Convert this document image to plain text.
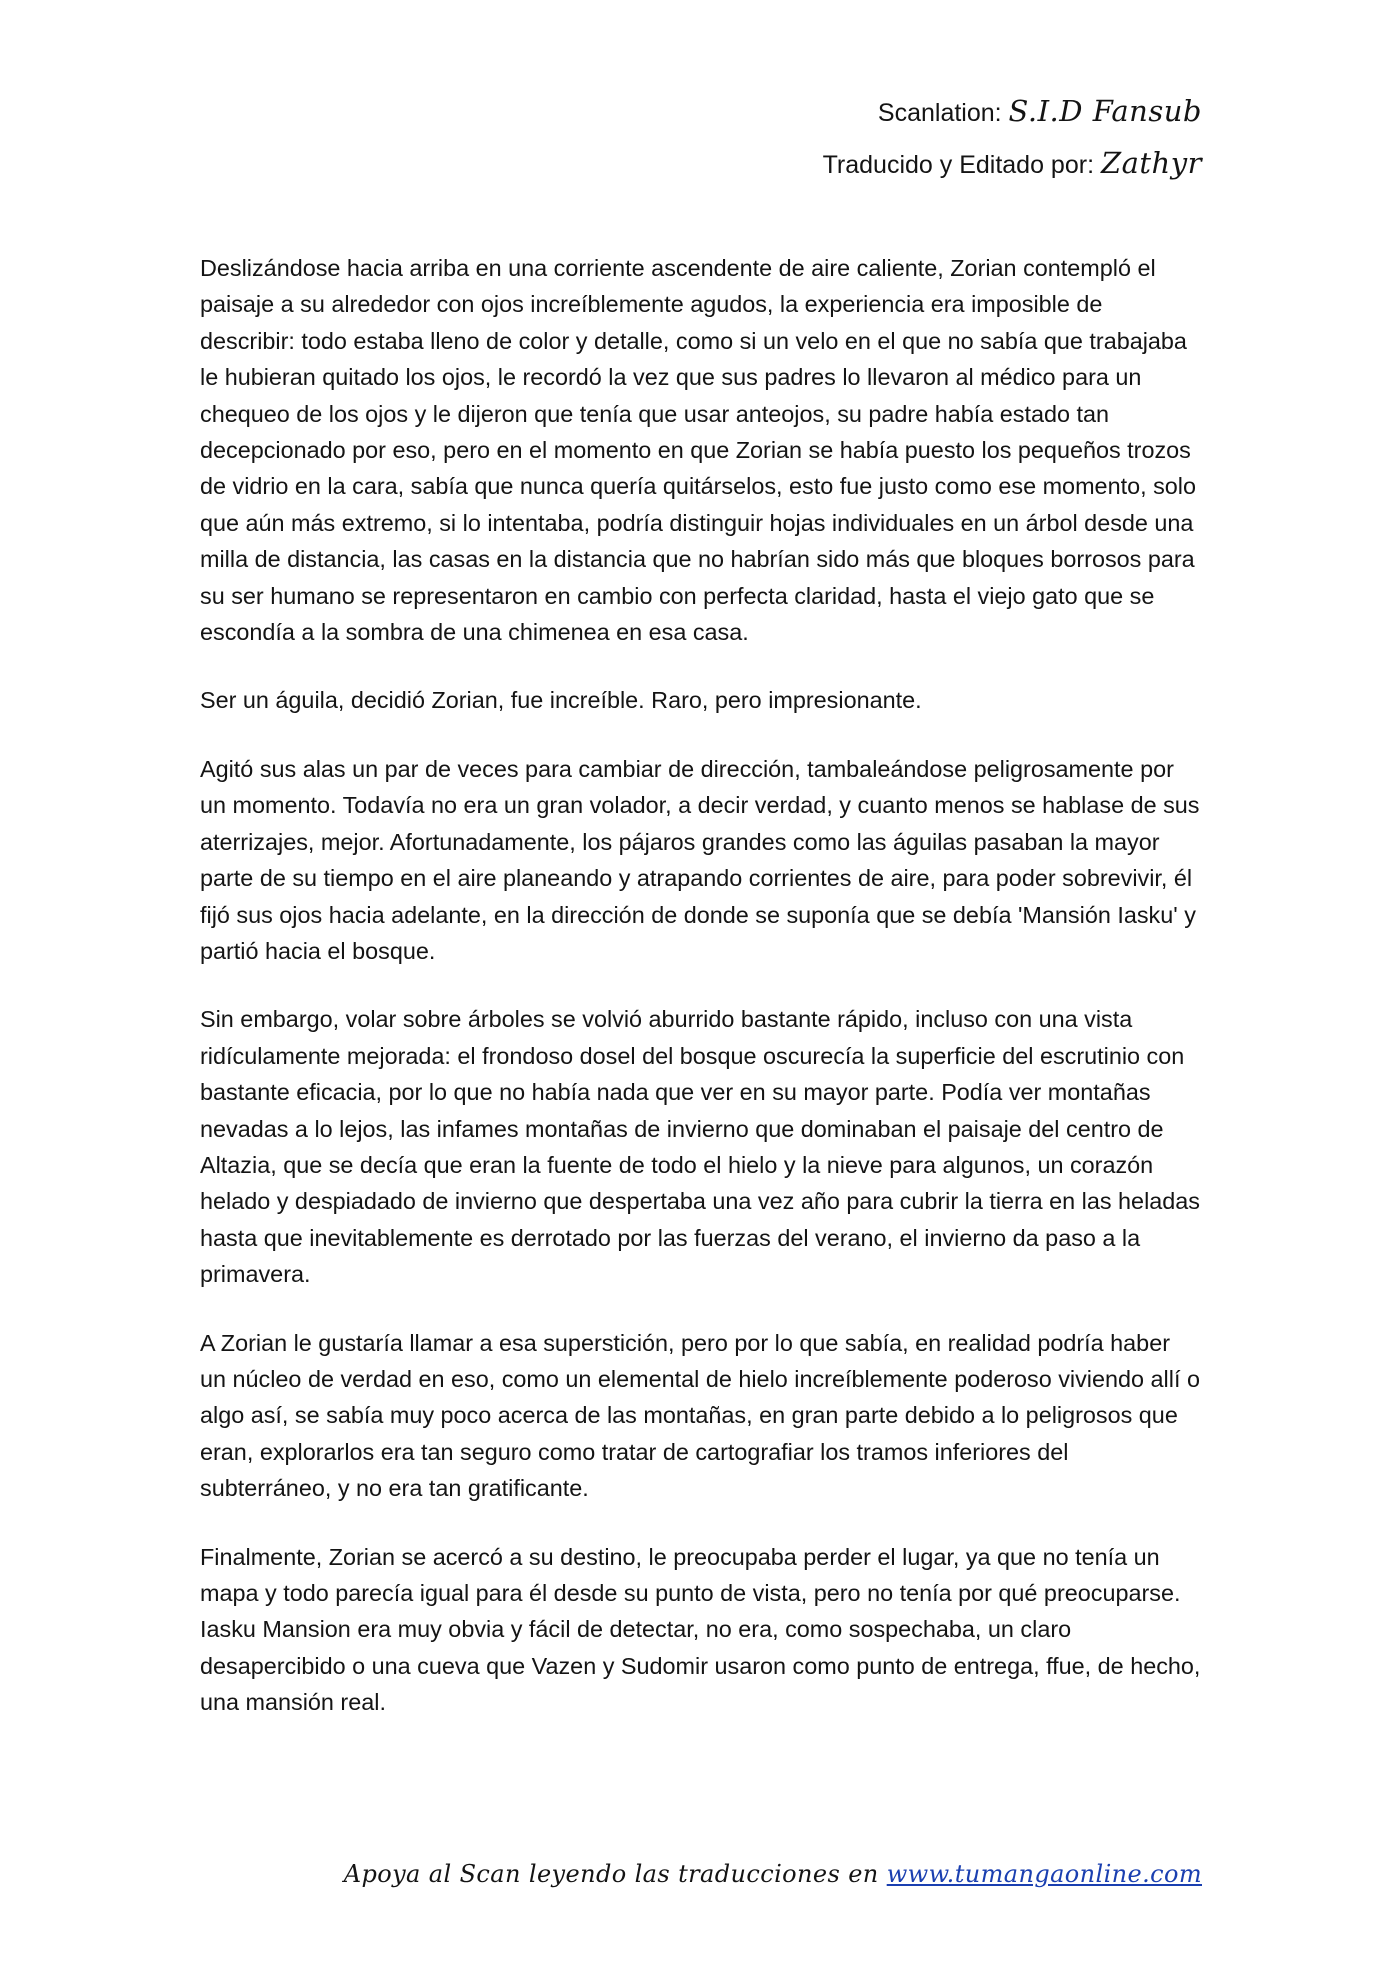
Scanlation: S.I.D Fansub
Traducido y Editado por: Zathyr

Deslizándose hacia arriba en una corriente ascendente de aire caliente, Zorian contempló el paisaje a su alrededor con ojos increíblemente agudos, la experiencia era imposible de describir: todo estaba lleno de color y detalle, como si un velo en el que no sabía que trabajaba le hubieran quitado los ojos, le recordó la vez que sus padres lo llevaron al médico para un chequeo de los ojos y le dijeron que tenía que usar anteojos, su padre había estado tan decepcionado por eso, pero en el momento en que Zorian se había puesto los pequeños trozos de vidrio en la cara, sabía que nunca quería quitárselos, esto fue justo como ese momento, solo que aún más extremo, si lo intentaba, podría distinguir hojas individuales en un árbol desde una milla de distancia, las casas en la distancia que no habrían sido más que bloques borrosos para su ser humano se representaron en cambio con perfecta claridad, hasta el viejo gato que se escondía a la sombra de una chimenea en esa casa.

Ser un águila, decidió Zorian, fue increíble. Raro, pero impresionante.

Agitó sus alas un par de veces para cambiar de dirección, tambaleándose peligrosamente por un momento. Todavía no era un gran volador, a decir verdad, y cuanto menos se hablase de sus aterrizajes, mejor. Afortunadamente, los pájaros grandes como las águilas pasaban la mayor parte de su tiempo en el aire planeando y atrapando corrientes de aire, para poder sobrevivir, él fijó sus ojos hacia adelante, en la dirección de donde se suponía que se debía 'Mansión Iasku' y partió hacia el bosque.

Sin embargo, volar sobre árboles se volvió aburrido bastante rápido, incluso con una vista ridículamente mejorada: el frondoso dosel del bosque oscurecía la superficie del escrutinio con bastante eficacia, por lo que no había nada que ver en su mayor parte. Podía ver montañas nevadas a lo lejos, las infames montañas de invierno que dominaban el paisaje del centro de Altazia, que se decía que eran la fuente de todo el hielo y la nieve para algunos, un corazón helado y despiadado de invierno que despertaba una vez año para cubrir la tierra en las heladas hasta que inevitablemente es derrotado por las fuerzas del verano, el invierno da paso a la primavera.

A Zorian le gustaría llamar a esa superstición, pero por lo que sabía, en realidad podría haber un núcleo de verdad en eso, como un elemental de hielo increíblemente poderoso viviendo allí o algo así, se sabía muy poco acerca de las montañas, en gran parte debido a lo peligrosos que eran, explorarlos era tan seguro como tratar de cartografiar los tramos inferiores del subterráneo, y no era tan gratificante.

Finalmente, Zorian se acercó a su destino, le preocupaba perder el lugar, ya que no tenía un mapa y todo parecía igual para él desde su punto de vista, pero no tenía por qué preocuparse. Iasku Mansion era muy obvia y fácil de detectar, no era, como sospechaba, un claro desapercibido o una cueva que Vazen y Sudomir usaron como punto de entrega, ffue, de hecho, una mansión real.

Apoya al Scan leyendo las traducciones en www.tumangaonline.com
